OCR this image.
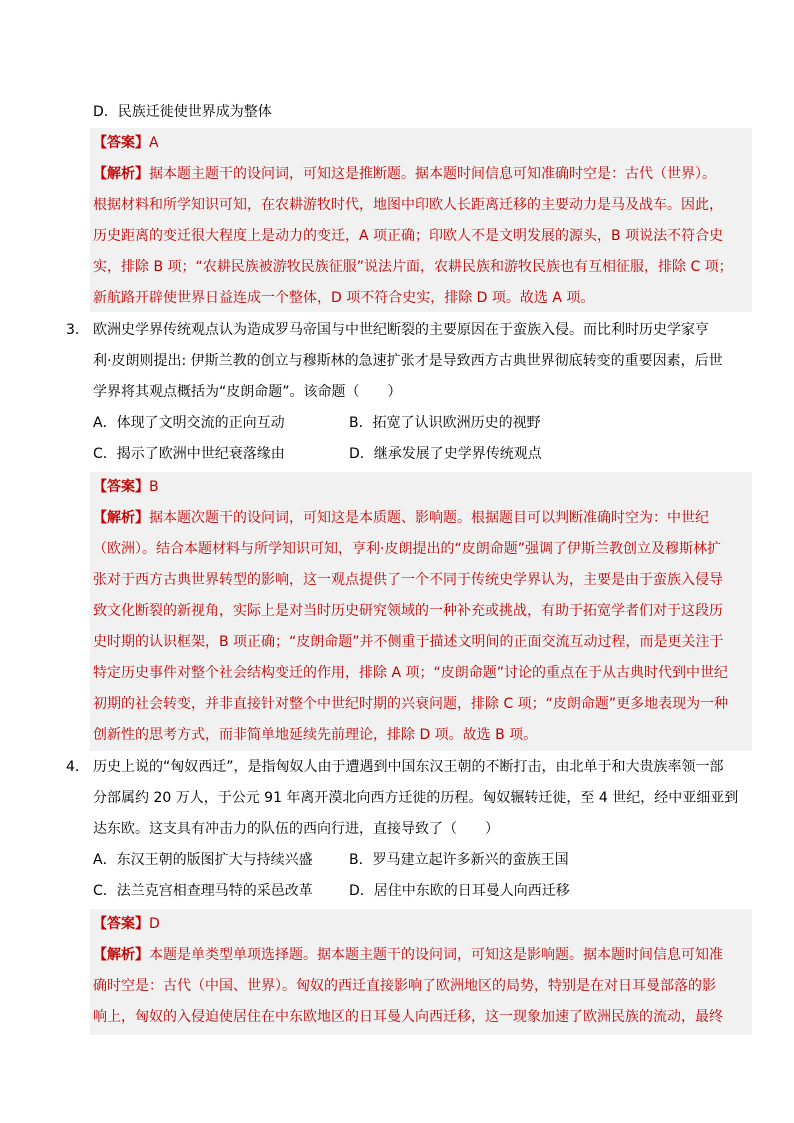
D．民族迁徙使世界成为整体
【答案】A
【解析】据本题主题干的设问词，可知这是推断题。据本题时间信息可知准确时空是：古代（世界）。
根据材料和所学知识可知，在农耕游牧时代，地图中印欧人长距离迁移的主要动力是马及战车。因此，
历史距离的变迁很大程度上是动力的变迁，A 项正确；印欧人不是文明发展的源头，B 项说法不符合史
实，排除 B 项；“农耕民族被游牧民族征服”说法片面，农耕民族和游牧民族也有互相征服，排除 C 项；
新航路开辟使世界日益连成一个整体，D 项不符合史实，排除 D 项。故选 A 项。
3． 欧洲史学界传统观点认为造成罗马帝国与中世纪断裂的主要原因在于蛮族入侵。而比利时历史学家亨
利·皮朗则提出: 伊斯兰教的创立与穆斯林的急速扩张才是导致西方古典世界彻底转变的重要因素，后世
学界将其观点概括为“皮朗命题”。该命题（　　）
A．体现了文明交流的正向互动	B．拓宽了认识欧洲历史的视野
C．揭示了欧洲中世纪衰落缘由	D．继承发展了史学界传统观点
【答案】B
【解析】据本题次题干的设问词，可知这是本质题、影响题。根据题目可以判断准确时空为：中世纪
（欧洲）。结合本题材料与所学知识可知，亨利·皮朗提出的“皮朗命题”强调了伊斯兰教创立及穆斯林扩
张对于西方古典世界转型的影响，这一观点提供了一个不同于传统史学界认为，主要是由于蛮族入侵导
致文化断裂的新视角，实际上是对当时历史研究领域的一种补充或挑战，有助于拓宽学者们对于这段历
史时期的认识框架，B 项正确；“皮朗命题”并不侧重于描述文明间的正面交流互动过程，而是更关注于
特定历史事件对整个社会结构变迁的作用，排除 A 项；“皮朗命题”讨论的重点在于从古典时代到中世纪
初期的社会转变，并非直接针对整个中世纪时期的兴衰问题，排除 C 项；“皮朗命题”更多地表现为一种
创新性的思考方式，而非简单地延续先前理论，排除 D 项。故选 B 项。
4． 历史上说的“匈奴西迁”，是指匈奴人由于遭遇到中国东汉王朝的不断打击，由北单于和大贵族率领一部
分部属约 20 万人，于公元 91 年离开漠北向西方迁徙的历程。匈奴辗转迁徙，至 4 世纪，经中亚细亚到
达东欧。这支具有冲击力的队伍的西向行进，直接导致了（　　）
A．东汉王朝的版图扩大与持续兴盛	B．罗马建立起许多新兴的蛮族王国
C．法兰克宫相查理马特的采邑改革	D．居住中东欧的日耳曼人向西迁移
【答案】D
【解析】本题是单类型单项选择题。据本题主题干的设问词，可知这是影响题。据本题时间信息可知准
确时空是：古代（中国、世界）。匈奴的西迁直接影响了欧洲地区的局势，特别是在对日耳曼部落的影
响上，匈奴的入侵迫使居住在中东欧地区的日耳曼人向西迁移，这一现象加速了欧洲民族的流动，最终
